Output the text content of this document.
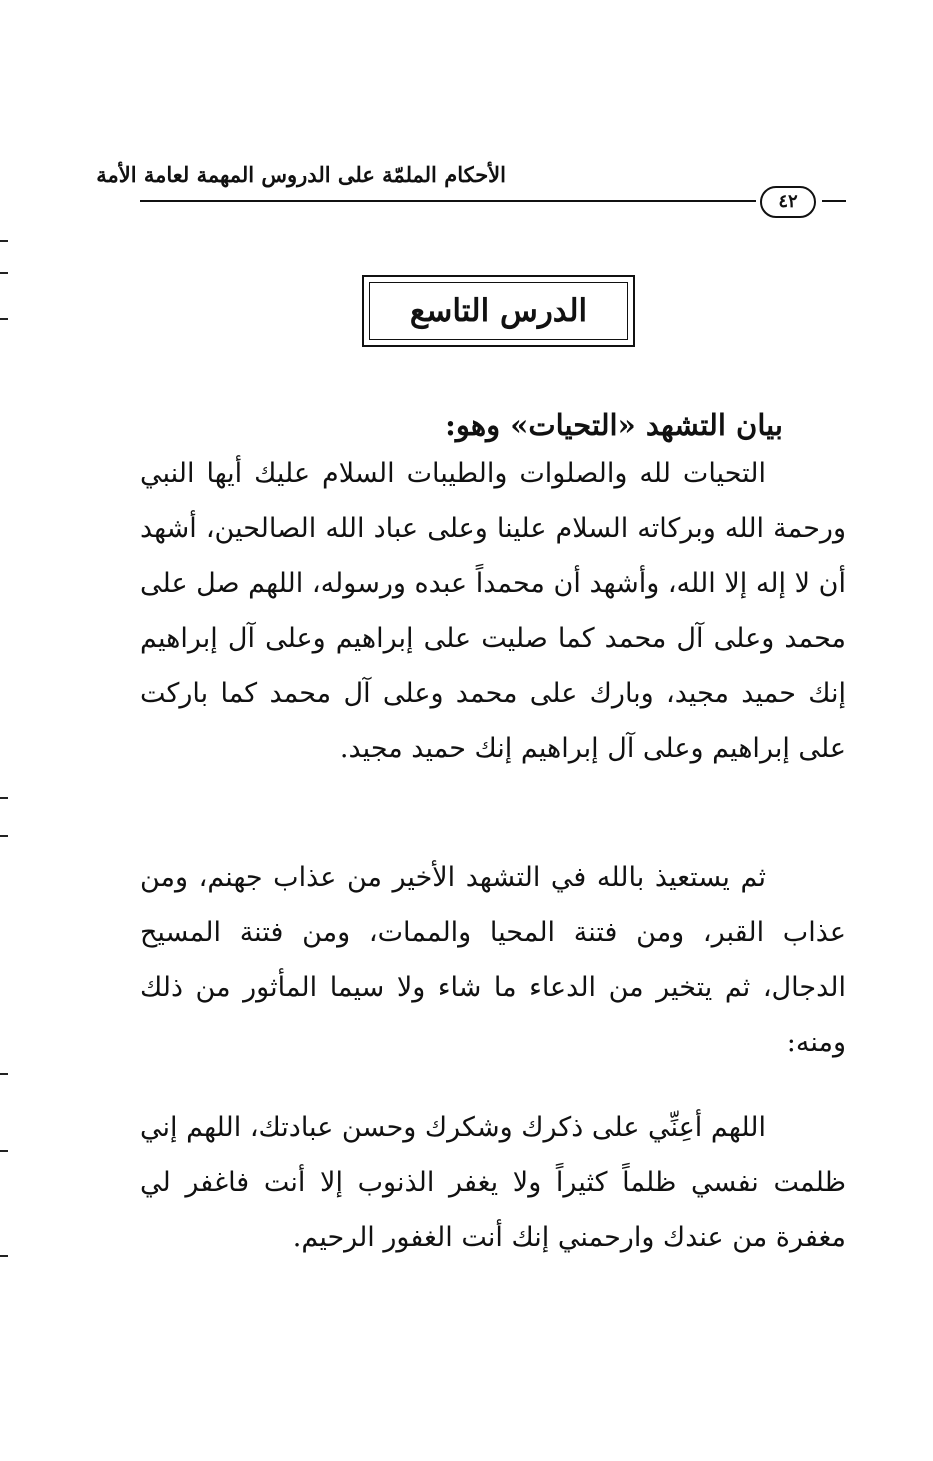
الأحكام الملمّة على الدروس المهمة لعامة الأمة
٤٢
الدرس التاسع

بيان التشهد «التحيات» وهو:

التحيات لله والصلوات والطيبات السلام عليك أيها النبي ورحمة الله وبركاته السلام علينا وعلى عباد الله الصالحين، أشهد أن لا إله إلا الله، وأشهد أن محمداً عبده ورسوله، اللهم صل على محمد وعلى آل محمد كما صليت على إبراهيم وعلى آل إبراهيم إنك حميد مجيد، وبارك على محمد وعلى آل محمد كما باركت على إبراهيم وعلى آل إبراهيم إنك حميد مجيد.

ثم يستعيذ بالله في التشهد الأخير من عذاب جهنم، ومن عذاب القبر، ومن فتنة المحيا والممات، ومن فتنة المسيح الدجال، ثم يتخير من الدعاء ما شاء ولا سيما المأثور من ذلك ومنه:

اللهم أعِنِّي على ذكرك وشكرك وحسن عبادتك، اللهم إني ظلمت نفسي ظلماً كثيراً ولا يغفر الذنوب إلا أنت فاغفر لي مغفرة من عندك وارحمني إنك أنت الغفور الرحيم.
